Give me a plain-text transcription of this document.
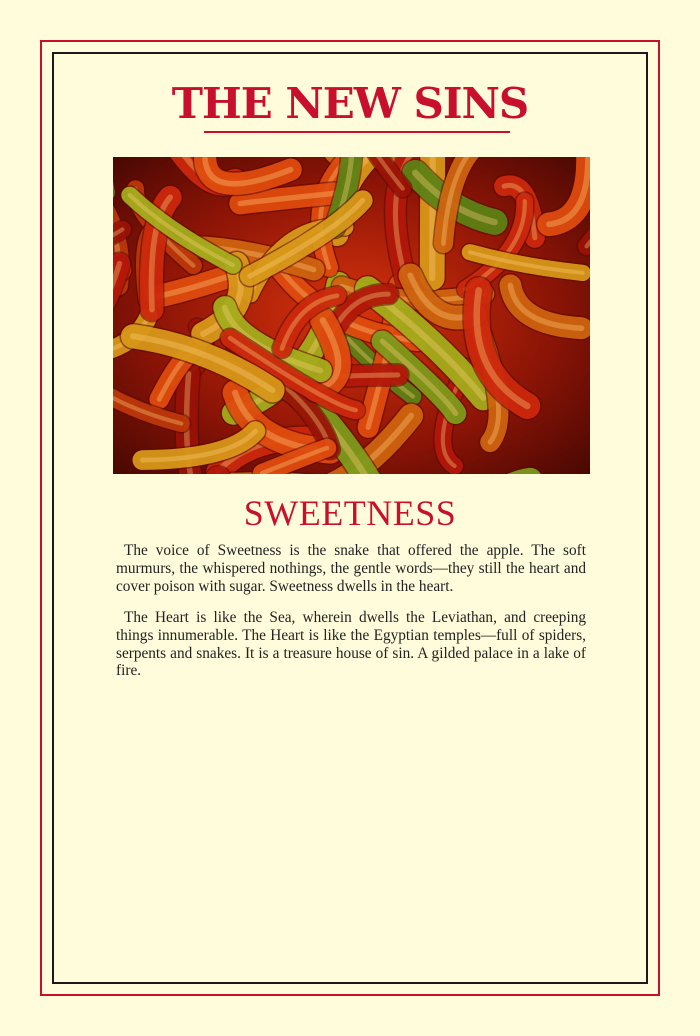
THE NEW SINS
SWEETNESS

The voice of Sweetness is the snake that offered the apple. The soft murmurs, the whispered nothings, the gentle words—they still the heart and cover poison with sugar. Sweetness dwells in the heart.

The Heart is like the Sea, wherein dwells the Leviathan, and creeping things innumerable. The Heart is like the Egyptian temples—full of spiders, serpents and snakes. It is a treasure house of sin. A gilded palace in a lake of fire.
